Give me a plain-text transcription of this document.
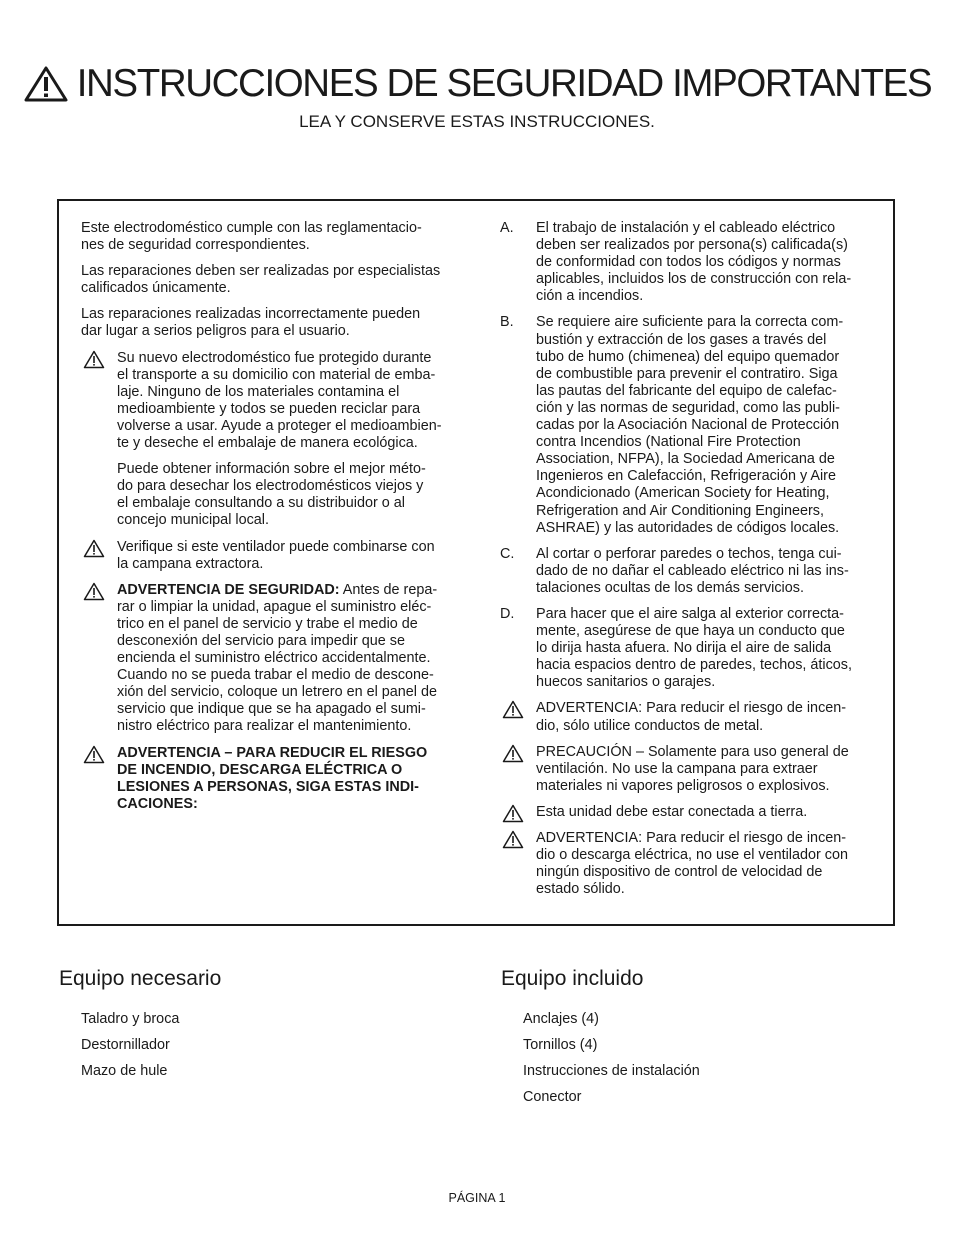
INSTRUCCIONES DE SEGURIDAD IMPORTANTES
LEA Y CONSERVE ESTAS INSTRUCCIONES.

Este electrodoméstico cumple con las reglamentacio-
nes de seguridad correspondientes.

Las reparaciones deben ser realizadas por especialistas
calificados únicamente.

Las reparaciones realizadas incorrectamente pueden
dar lugar a serios peligros para el usuario.

Su nuevo electrodoméstico fue protegido durante
el transporte a su domicilio con material de emba-
laje. Ninguno de los materiales contamina el
medioambiente y todos se pueden reciclar para
volverse a usar. Ayude a proteger el medioambien-
te y deseche el embalaje de manera ecológica.
Puede obtener información sobre el mejor méto-
do para desechar los electrodomésticos viejos y
el embalaje consultando a su distribuidor o al
concejo municipal local.
Verifique si este ventilador puede combinarse con
la campana extractora.
ADVERTENCIA DE SEGURIDAD: Antes de repa-
rar o limpiar la unidad, apague el suministro eléc-
trico en el panel de servicio y trabe el medio de
desconexión del servicio para impedir que se
encienda el suministro eléctrico accidentalmente.
Cuando no se pueda trabar el medio de descone-
xión del servicio, coloque un letrero en el panel de
servicio que indique que se ha apagado el sumi-
nistro eléctrico para realizar el mantenimiento.
ADVERTENCIA – PARA REDUCIR EL RIESGO
DE INCENDIO, DESCARGA ELÉCTRICA O
LESIONES A PERSONAS, SIGA ESTAS INDI-
CACIONES:
A. El trabajo de instalación y el cableado eléctrico
deben ser realizados por persona(s) calificada(s)
de conformidad con todos los códigos y normas
aplicables, incluidos los de construcción con rela-
ción a incendios.
B. Se requiere aire suficiente para la correcta com-
bustión y extracción de los gases a través del
tubo de humo (chimenea) del equipo quemador
de combustible para prevenir el contratiro. Siga
las pautas del fabricante del equipo de calefac-
ción y las normas de seguridad, como las publi-
cadas por la Asociación Nacional de Protección
contra Incendios (National Fire Protection
Association, NFPA), la Sociedad Americana de
Ingenieros en Calefacción, Refrigeración y Aire
Acondicionado (American Society for Heating,
Refrigeration and Air Conditioning Engineers,
ASHRAE) y las autoridades de códigos locales.
C. Al cortar o perforar paredes o techos, tenga cui-
dado de no dañar el cableado eléctrico ni las ins-
talaciones ocultas de los demás servicios.
D. Para hacer que el aire salga al exterior correcta-
mente, asegúrese de que haya un conducto que
lo dirija hasta afuera. No dirija el aire de salida
hacia espacios dentro de paredes, techos, áticos,
huecos sanitarios o garajes.
ADVERTENCIA: Para reducir el riesgo de incen-
dio, sólo utilice conductos de metal.
PRECAUCIÓN – Solamente para uso general de
ventilación. No use la campana para extraer
materiales ni vapores peligrosos o explosivos.
Esta unidad debe estar conectada a tierra.
ADVERTENCIA: Para reducir el riesgo de incen-
dio o descarga eléctrica, no use el ventilador con
ningún dispositivo de control de velocidad de
estado sólido.
Equipo necesario
Taladro y broca
Destornillador
Mazo de hule
Equipo incluido
Anclajes (4)
Tornillos (4)
Instrucciones de instalación
Conector
PÁGINA 1
